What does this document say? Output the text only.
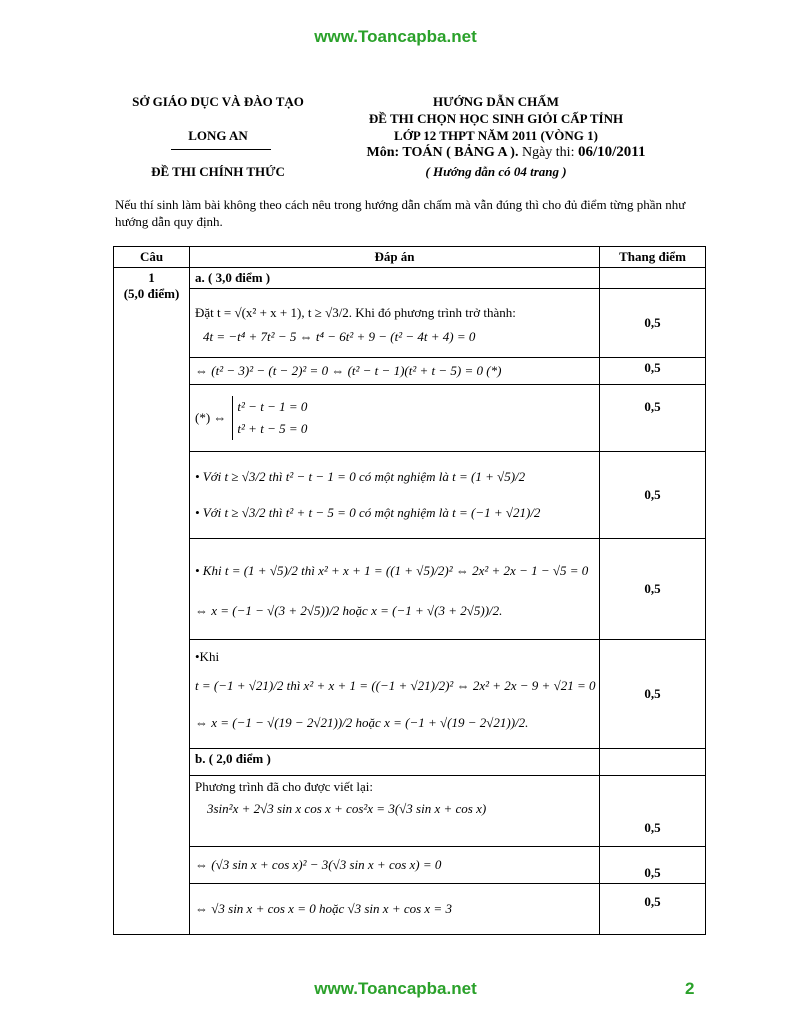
www.Toancapba.net
SỞ GIÁO DỤC VÀ ĐÀO TẠO
LONG AN
ĐỀ THI CHÍNH THỨC
HƯỚNG DẪN CHẤM
ĐỀ THI CHỌN HỌC SINH GIỎI CẤP TỈNH
LỚP 12 THPT NĂM 2011 (VÒNG 1)
Môn: TOÁN ( BẢNG A ). Ngày thi: 06/10/2011
( Hướng dẫn có 04 trang )
Nếu thí sinh làm bài không theo cách nêu trong hướng dẫn chấm mà vẫn đúng thì cho đủ điểm từng phần như hướng dẫn quy định.
Câu	Đáp án	Thang điểm

1
(5,0 điểm)	a. ( 3,0 điểm )	

	Đặt t = √(x² + x + 1), t ≥ √3/2. Khi đó phương trình trở thành:
4t = −t⁴ + 7t² − 5 ⇔ t⁴ − 6t² + 9 − (t² − 4t + 4) = 0	0,5

	⇔ (t² − 3)² − (t − 2)² = 0 ⇔ (t² − t − 1)(t² + t − 5) = 0 (*)	0,5

	(*) ⇔
t² − t − 1 = 0
t² + t − 5 = 0	0,5

	• Với t ≥ √3/2 thì t² − t − 1 = 0 có một nghiệm là t = (1 + √5)/2
• Với t ≥ √3/2 thì t² + t − 5 = 0 có một nghiệm là t = (−1 + √21)/2	0,5

	• Khi t = (1 + √5)/2 thì x² + x + 1 = ((1 + √5)/2)² ⇔ 2x² + 2x − 1 − √5 = 0
⇔ x = (−1 − √(3 + 2√5))/2 hoặc x = (−1 + √(3 + 2√5))/2.	0,5

	•Khi
t = (−1 + √21)/2 thì x² + x + 1 = ((−1 + √21)/2)² ⇔ 2x² + 2x − 9 + √21 = 0
⇔ x = (−1 − √(19 − 2√21))/2 hoặc x = (−1 + √(19 − 2√21))/2.	0,5
	b. ( 2,0 điểm )	

	Phương trình đã cho được viết lại:
3sin²x + 2√3 sin x cos x + cos²x = 3(√3 sin x + cos x)	0,5

	⇔ (√3 sin x + cos x)² − 3(√3 sin x + cos x) = 0	0,5

	⇔ √3 sin x + cos x = 0 hoặc √3 sin x + cos x = 3	0,5
www.Toancapba.net	2
